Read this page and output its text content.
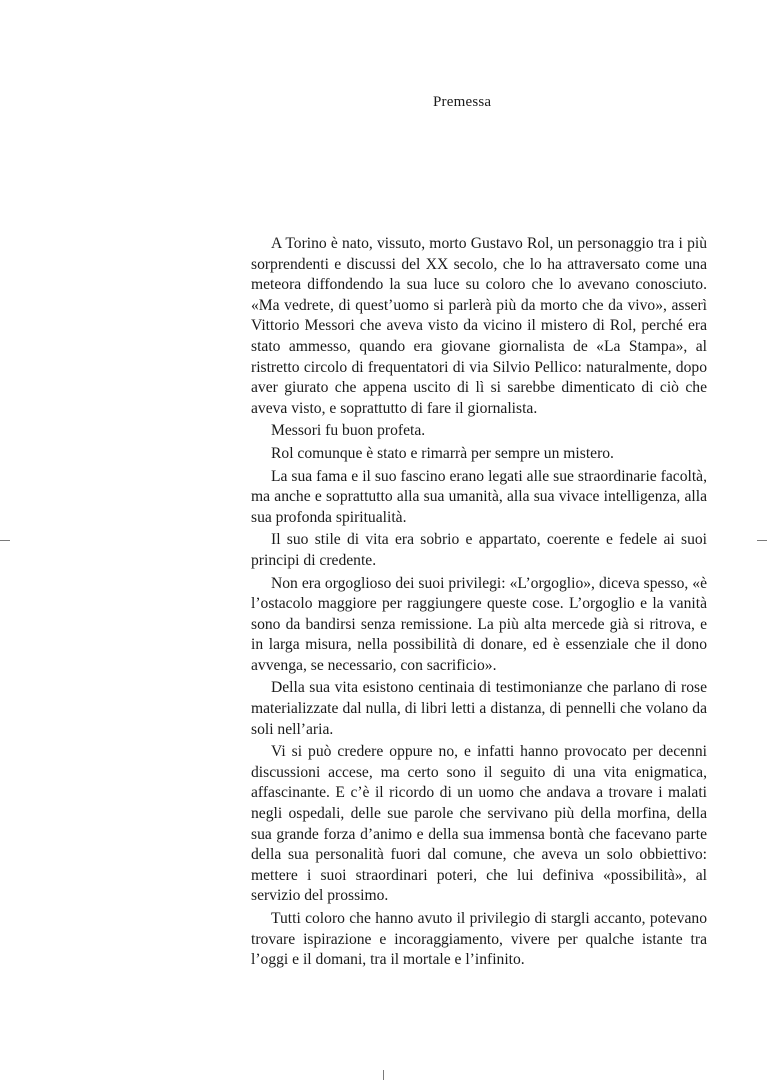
Premessa

A Torino è nato, vissuto, morto Gustavo Rol, un personaggio tra i più sorprendenti e discussi del XX secolo, che lo ha attraversato come una meteora diffondendo la sua luce su coloro che lo avevano conosciuto. «Ma vedrete, di quest’uomo si parlerà più da morto che da vivo», asserì Vittorio Messori che aveva visto da vicino il mistero di Rol, perché era stato ammesso, quando era giovane giornalista de «La Stampa», al ristretto circolo di frequentatori di via Silvio Pellico: naturalmente, dopo aver giurato che appena uscito di lì si sarebbe dimenticato di ciò che aveva visto, e soprattutto di fare il giornalista.

Messori fu buon profeta.

Rol comunque è stato e rimarrà per sempre un mistero.

La sua fama e il suo fascino erano legati alle sue straordinarie facoltà, ma anche e soprattutto alla sua umanità, alla sua vivace intelligenza, alla sua profonda spiritualità.

Il suo stile di vita era sobrio e appartato, coerente e fedele ai suoi principi di credente.

Non era orgoglioso dei suoi privilegi: «L’orgoglio», diceva spesso, «è l’ostacolo maggiore per raggiungere queste cose. L’orgoglio e la vanità sono da bandirsi senza remissione. La più alta mercede già si ritrova, e in larga misura, nella possibilità di donare, ed è essenziale che il dono avvenga, se necessario, con sacrificio».

Della sua vita esistono centinaia di testimonianze che parlano di rose materializzate dal nulla, di libri letti a distanza, di pennelli che volano da soli nell’aria.

Vi si può credere oppure no, e infatti hanno provocato per decenni discussioni accese, ma certo sono il seguito di una vita enigmatica, affascinante. E c’è il ricordo di un uomo che andava a trovare i malati negli ospedali, delle sue parole che servivano più della morfina, della sua grande forza d’animo e della sua immensa bontà che facevano parte della sua personalità fuori dal comune, che aveva un solo obbiettivo: mettere i suoi straordinari poteri, che lui definiva «possibilità», al servizio del prossimo.

Tutti coloro che hanno avuto il privilegio di stargli accanto, potevano trovare ispirazione e incoraggiamento, vivere per qualche istante tra l’oggi e il domani, tra il mortale e l’infinito.
